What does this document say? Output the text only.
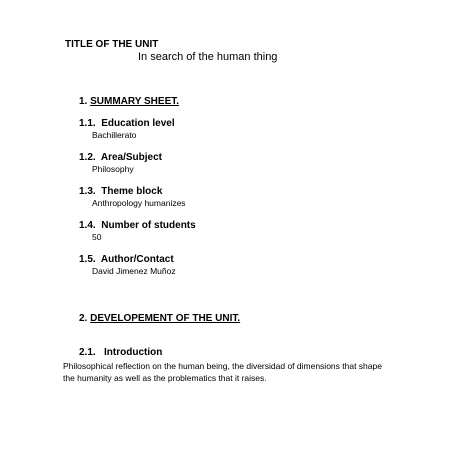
TITLE OF THE UNIT
In search of the human thing
1. SUMMARY SHEET.
1.1. Education level
Bachillerato
1.2. Area/Subject
Philosophy
1.3. Theme block
Anthropology humanizes
1.4. Number of students
50
1.5. Author/Contact
David Jimenez Muñoz
2. DEVELOPEMENT OF THE UNIT.
2.1. Introduction
Philosophical reflection on the human being, the diversidad of dimensions that shape the humanity as well as the problematics that it raises.
